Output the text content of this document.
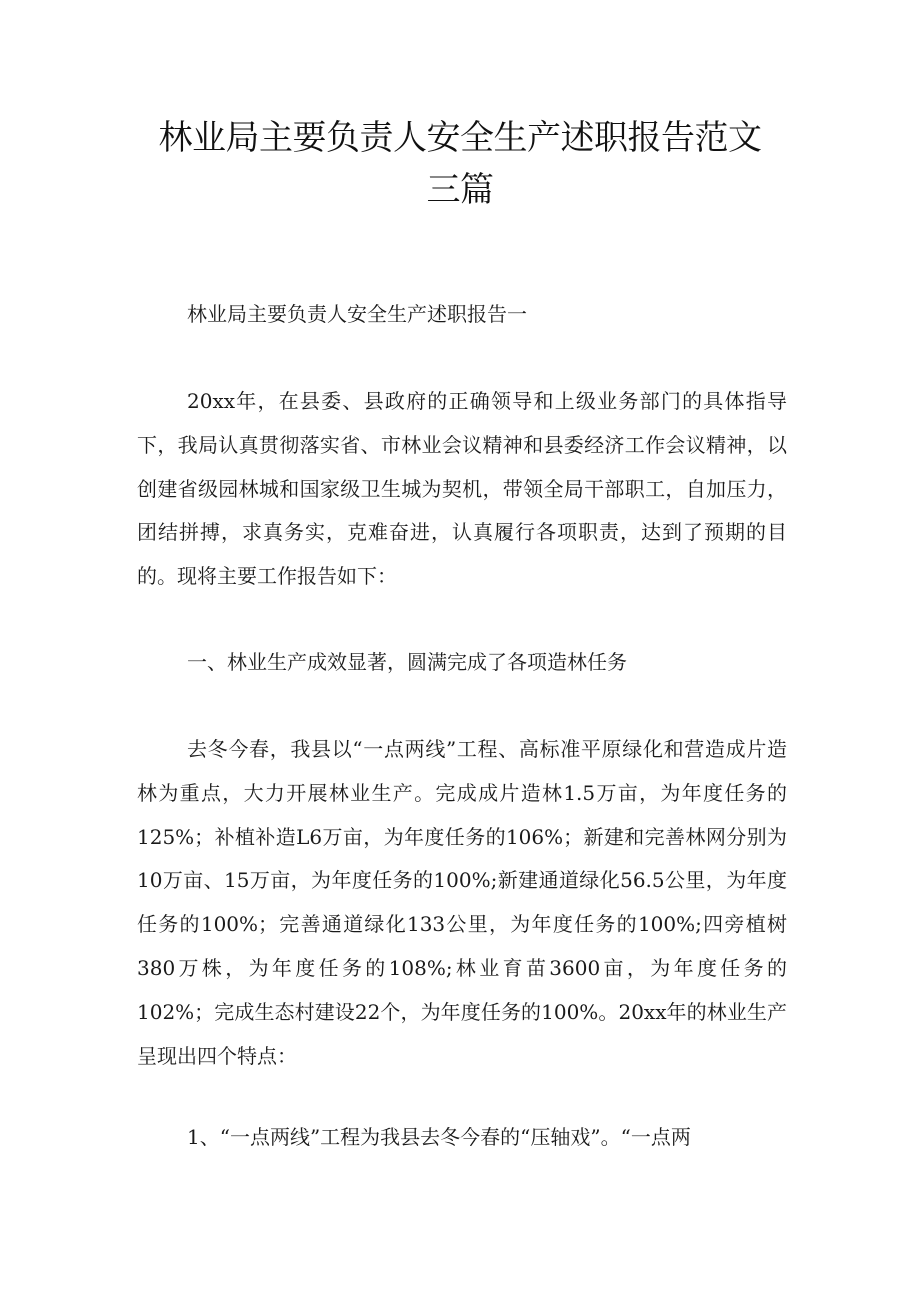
林业局主要负责人安全生产述职报告范文
三篇

林业局主要负责人安全生产述职报告一

20xx年，在县委、县政府的正确领导和上级业务部门的具体指导下，我局认真贯彻落实省、市林业会议精神和县委经济工作会议精神，以创建省级园林城和国家级卫生城为契机，带领全局干部职工，自加压力，团结拼搏，求真务实，克难奋进，认真履行各项职责，达到了预期的目的。现将主要工作报告如下：

一、林业生产成效显著，圆满完成了各项造林任务

去冬今春，我县以“一点两线”工程、高标准平原绿化和营造成片造林为重点，大力开展林业生产。完成成片造林1.5万亩，为年度任务的125%；补植补造L6万亩，为年度任务的106%；新建和完善林网分别为10万亩、15万亩，为年度任务的100%;新建通道绿化56.5公里，为年度任务的100%；完善通道绿化133公里，为年度任务的100%;四旁植树380万株，为年度任务的108%;林业育苗3600亩，为年度任务的102%；完成生态村建设22个，为年度任务的100%。20xx年的林业生产呈现出四个特点：

1、“一点两线”工程为我县去冬今春的“压轴戏”。“一点两
